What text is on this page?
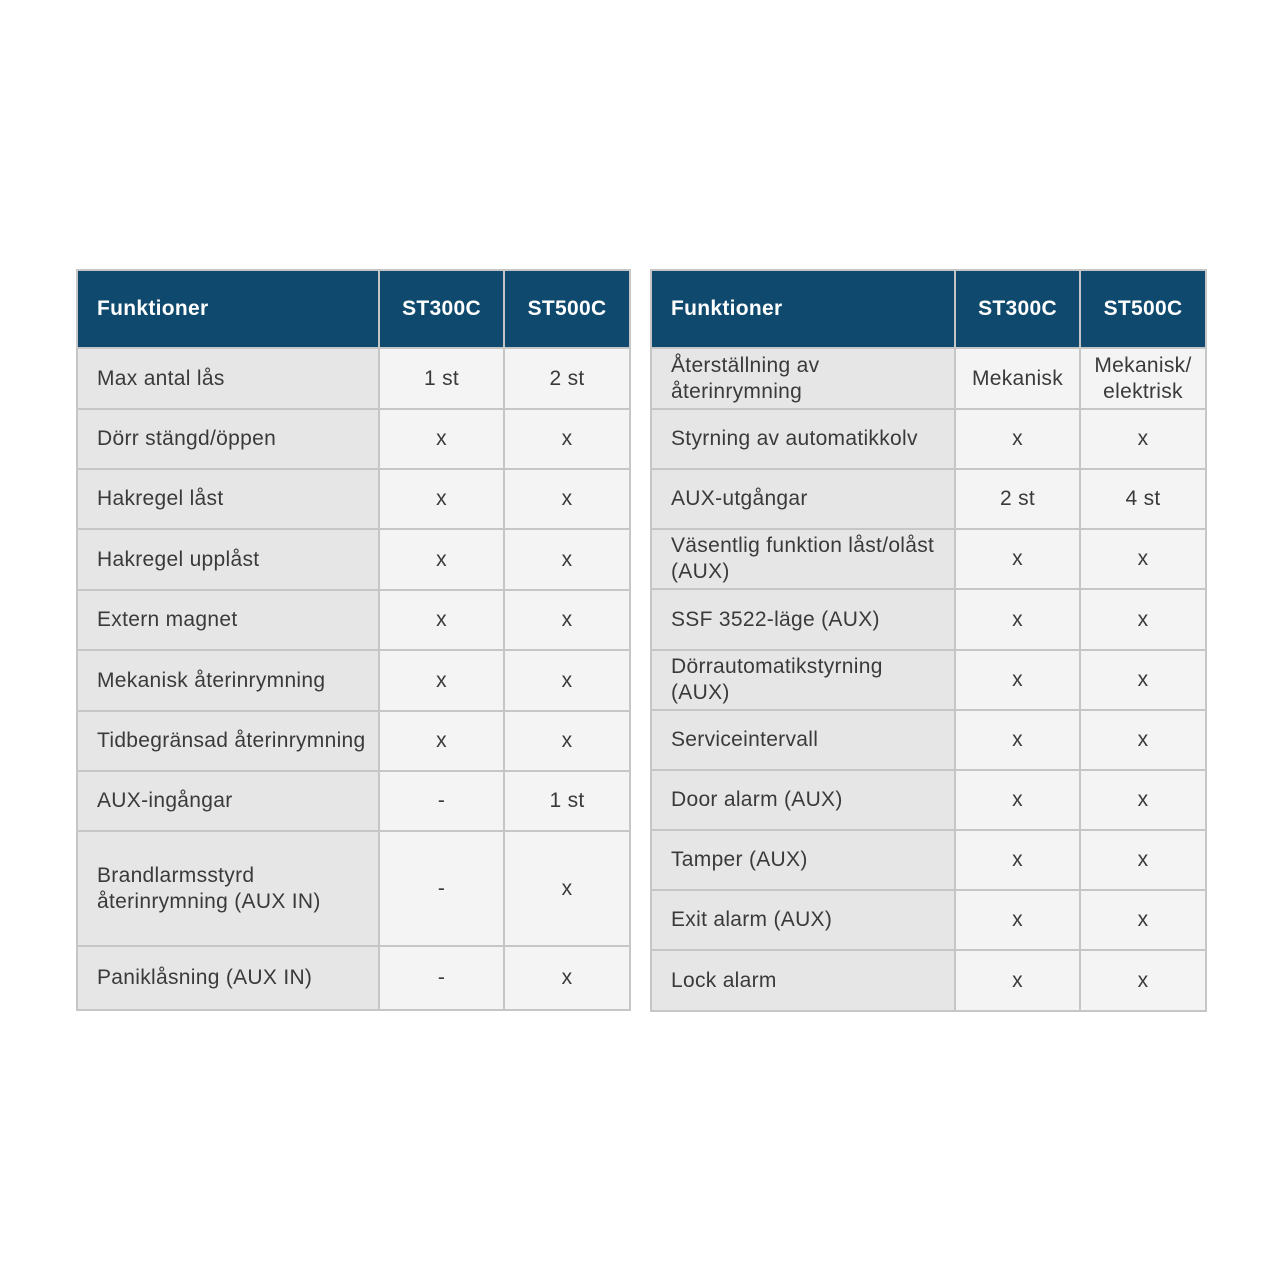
Funktioner	ST300C	ST500C
Max antal lås	1 st	2 st
Dörr stängd/öppen	x	x
Hakregel låst	x	x
Hakregel upplåst	x	x
Extern magnet	x	x
Mekanisk återinrymning	x	x
Tidbegränsad återinrymning	x	x
AUX-ingångar	-	1 st
Brandlarmsstyrd återinrymning (AUX IN)	-	x
Paniklåsning (AUX IN)	-	x
Funktioner	ST300C	ST500C
Återställning av återinrymning	Mekanisk	Mekanisk/ elektrisk
Styrning av automatikkolv	x	x
AUX-utgångar	2 st	4 st
Väsentlig funktion låst/olåst (AUX)	x	x
SSF 3522-läge (AUX)	x	x
Dörrautomatikstyrning (AUX)	x	x
Serviceintervall	x	x
Door alarm (AUX)	x	x
Tamper (AUX)	x	x
Exit alarm (AUX)	x	x
Lock alarm	x	x
